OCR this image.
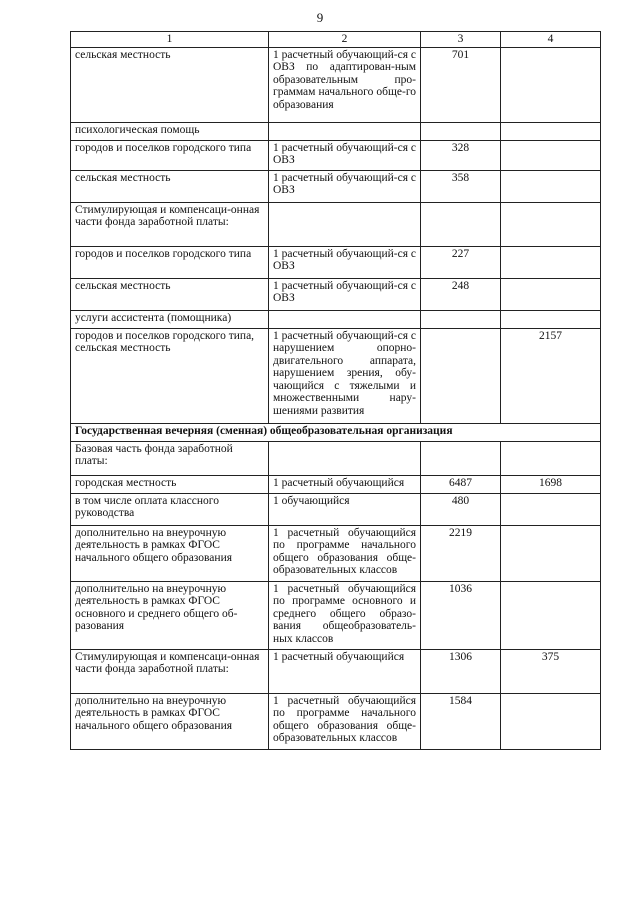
9
1	2	3	4
сельская местность	1 расчетный обучающий-ся с ОВЗ по адаптирован-ным образовательным про-граммам начального обще-го образования	701	
психологическая помощь			
городов и поселков городского типа	1 расчетный обучающий-ся с ОВЗ	328	
сельская местность	1 расчетный обучающий-ся с ОВЗ	358	
Стимулирующая и компенсаци-онная части фонда заработной платы:			
городов и поселков городского типа	1 расчетный обучающий-ся с ОВЗ	227	
сельская местность	1 расчетный обучающий-ся с ОВЗ	248	
услуги ассистента (помощника)			
городов и поселков городского типа, сельская местность	1 расчетный обучающий-ся с нарушением опорно-двигательного аппарата, нарушением зрения, обу-чающийся с тяжелыми и множественными нару-шениями развития		2157
Государственная вечерняя (сменная) общеобразовательная организация			
Базовая часть фонда заработной платы:			
городская местность	1 расчетный обучающийся	6487	1698
в том числе оплата классного руководства	1 обучающийся	480	
дополнительно на внеурочную деятельность в рамках ФГОС начального общего образования	1 расчетный обучающийся по программе начального общего образования обще-образовательных классов	2219	
дополнительно на внеурочную деятельность в рамках ФГОС основного и среднего общего об-разования	1 расчетный обучающийся по программе основного и среднего общего образо-вания общеобразователь-ных классов	1036	
Стимулирующая и компенсаци-онная части фонда заработной платы:	1 расчетный обучающийся	1306	375
дополнительно на внеурочную деятельность в рамках ФГОС начального общего образования	1 расчетный обучающийся по программе начального общего образования обще-образовательных классов	1584	
